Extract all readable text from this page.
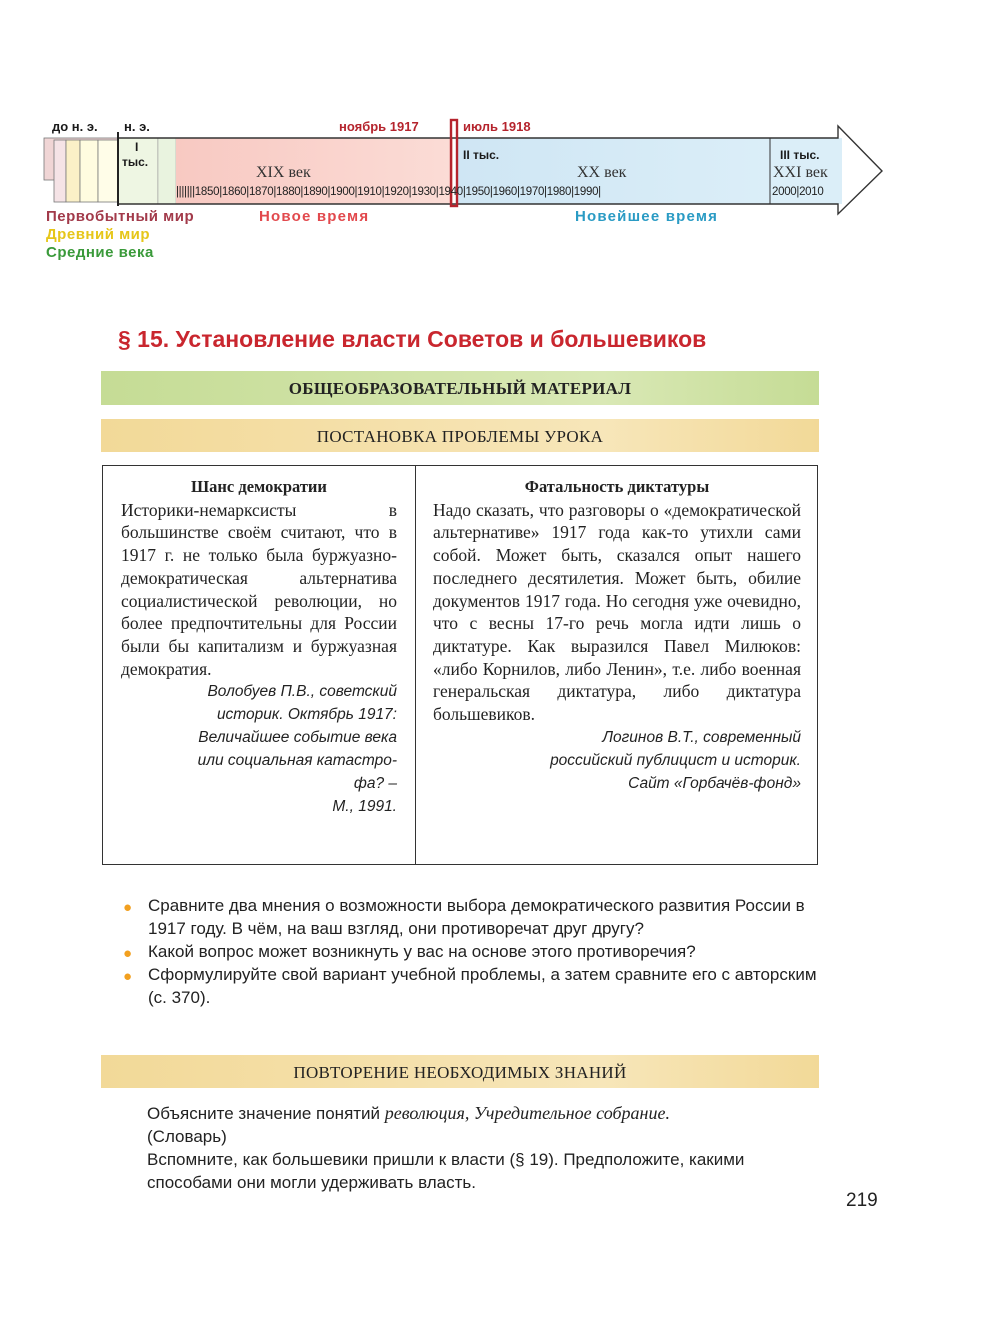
до н. э. н. э.	ноябрь 1917	июль 1918
I
тыс.	II тыс.	III тыс.
XIX век	XX век	XXI век
|||||||1850|1860|1870|1880|1890|1900|1910|1920|1930|1940|1950|1960|1970|1980|1990|	2000|2010
Первобытный мир
Древний мир
Средние века
Новое время	Новейшее время
§ 15. Установление власти Советов и большевиков
ОБЩЕОБРАЗОВАТЕЛЬНЫЙ МАТЕРИАЛ
ПОСТАНОВКА ПРОБЛЕМЫ УРОКА
Шанс демократии
Историки-немарксисты в большинстве своём считают, что в 1917 г. не только была буржуазно-демократическая альтернатива социалистической революции, но более предпочтительны для России были бы капитализм и буржуазная демократия.
Волобуев П.В., советский
историк. Октябрь 1917:
Величайшее событие века
или социальная катастро-
фа? –
М., 1991.
Фатальность диктатуры
Надо сказать, что разговоры о «демократической альтернативе» 1917 года как-то утихли сами собой. Может быть, сказался опыт нашего последнего десятилетия. Может быть, обилие документов 1917 года. Но сегодня уже очевидно, что с весны 17-го речь могла идти лишь о диктатуре. Как выразился Павел Милюков: «либо Корнилов, либо Ленин», т.е. либо военная генеральская диктатура, либо диктатура большевиков.
Логинов В.Т., современный
российский публицист и историк.
Сайт «Горбачёв-фонд»
● Сравните два мнения о возможности выбора демократического развития России в 1917 году. В чём, на ваш взгляд, они противоречат друг другу?
● Какой вопрос может возникнуть у вас на основе этого противоречия?
● Сформулируйте свой вариант учебной проблемы, а затем сравните его с авторским (с. 370).
ПОВТОРЕНИЕ НЕОБХОДИМЫХ ЗНАНИЙ
Объясните значение понятий революция, Учредительное собрание.
(Словарь)
Вспомните, как большевики пришли к власти (§ 19). Предположите, какими способами они могли удерживать власть.
219
